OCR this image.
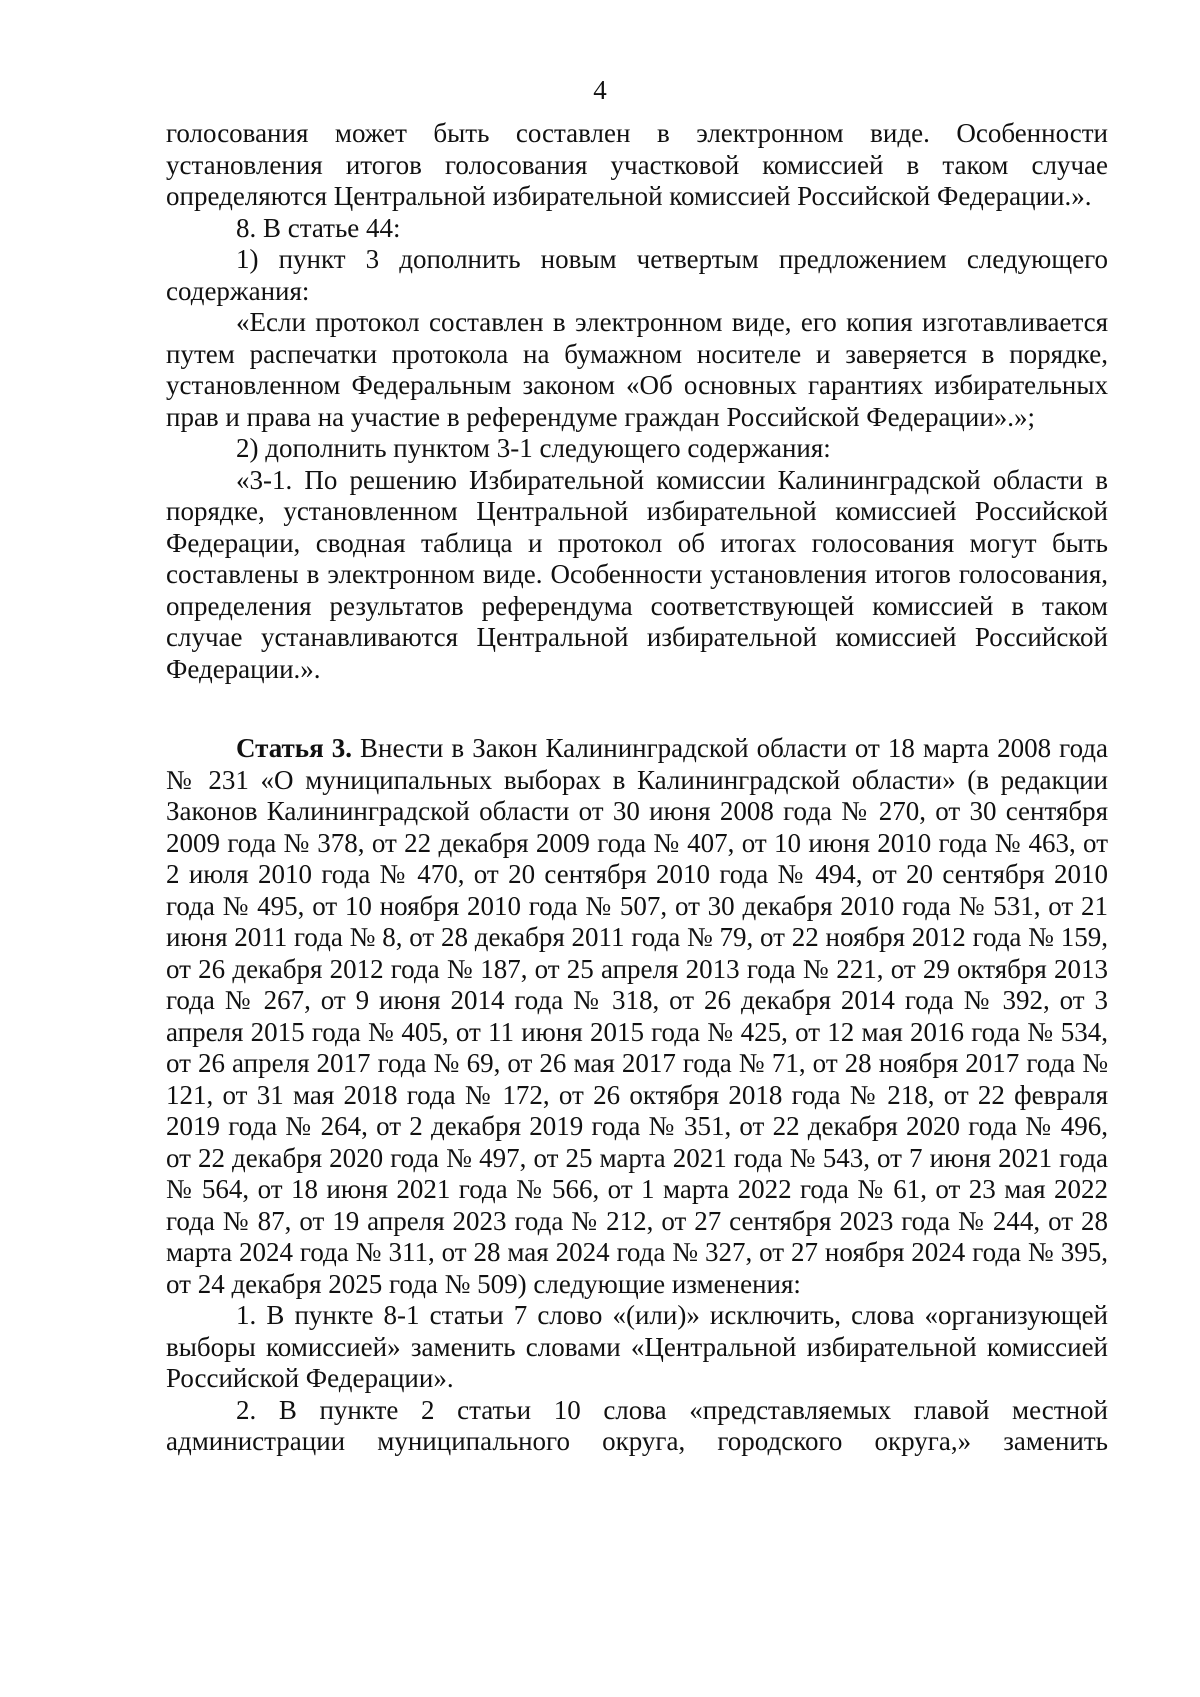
4

голосования может быть составлен в электронном виде. Особенности установления итогов голосования участковой комиссией в таком случае определяются Центральной избирательной комиссией Российской Федерации.».

8. В статье 44:

1) пункт 3 дополнить новым четвертым предложением следующего содержания:

«Если протокол составлен в электронном виде, его копия изготавливается путем распечатки протокола на бумажном носителе и заверяется в порядке, установленном Федеральным законом «Об основных гарантиях избирательных прав и права на участие в референдуме граждан Российской Федерации».»;

2) дополнить пунктом 3-1 следующего содержания:

«3-1. По решению Избирательной комиссии Калининградской области в порядке, установленном Центральной избирательной комиссией Российской Федерации, сводная таблица и протокол об итогах голосования могут быть составлены в электронном виде. Особенности установления итогов голосования, определения результатов референдума соответствующей комиссией в таком случае устанавливаются Центральной избирательной комиссией Российской Федерации.».

Статья 3. Внести в Закон Калининградской области от 18 марта 2008 года № 231 «О муниципальных выборах в Калининградской области» (в редакции Законов Калининградской области от 30 июня 2008 года № 270, от 30 сентября 2009 года № 378, от 22 декабря 2009 года № 407, от 10 июня 2010 года № 463, от 2 июля 2010 года № 470, от 20 сентября 2010 года № 494, от 20 сентября 2010 года № 495, от 10 ноября 2010 года № 507, от 30 декабря 2010 года № 531, от 21 июня 2011 года № 8, от 28 декабря 2011 года № 79, от 22 ноября 2012 года № 159, от 26 декабря 2012 года № 187, от 25 апреля 2013 года № 221, от 29 октября 2013 года № 267, от 9 июня 2014 года № 318, от 26 декабря 2014 года № 392, от 3 апреля 2015 года № 405, от 11 июня 2015 года № 425, от 12 мая 2016 года № 534, от 26 апреля 2017 года № 69, от 26 мая 2017 года № 71, от 28 ноября 2017 года № 121, от 31 мая 2018 года № 172, от 26 октября 2018 года № 218, от 22 февраля 2019 года № 264, от 2 декабря 2019 года № 351, от 22 декабря 2020 года № 496, от 22 декабря 2020 года № 497, от 25 марта 2021 года № 543, от 7 июня 2021 года № 564, от 18 июня 2021 года № 566, от 1 марта 2022 года № 61, от 23 мая 2022 года № 87, от 19 апреля 2023 года № 212, от 27 сентября 2023 года № 244, от 28 марта 2024 года № 311, от 28 мая 2024 года № 327, от 27 ноября 2024 года № 395, от 24 декабря 2025 года № 509) следующие изменения:

1. В пункте 8-1 статьи 7 слово «(или)» исключить, слова «организующей выборы комиссией» заменить словами «Центральной избирательной комиссией Российской Федерации».

2. В пункте 2 статьи 10 слова «представляемых главой местной администрации муниципального округа, городского округа,» заменить
